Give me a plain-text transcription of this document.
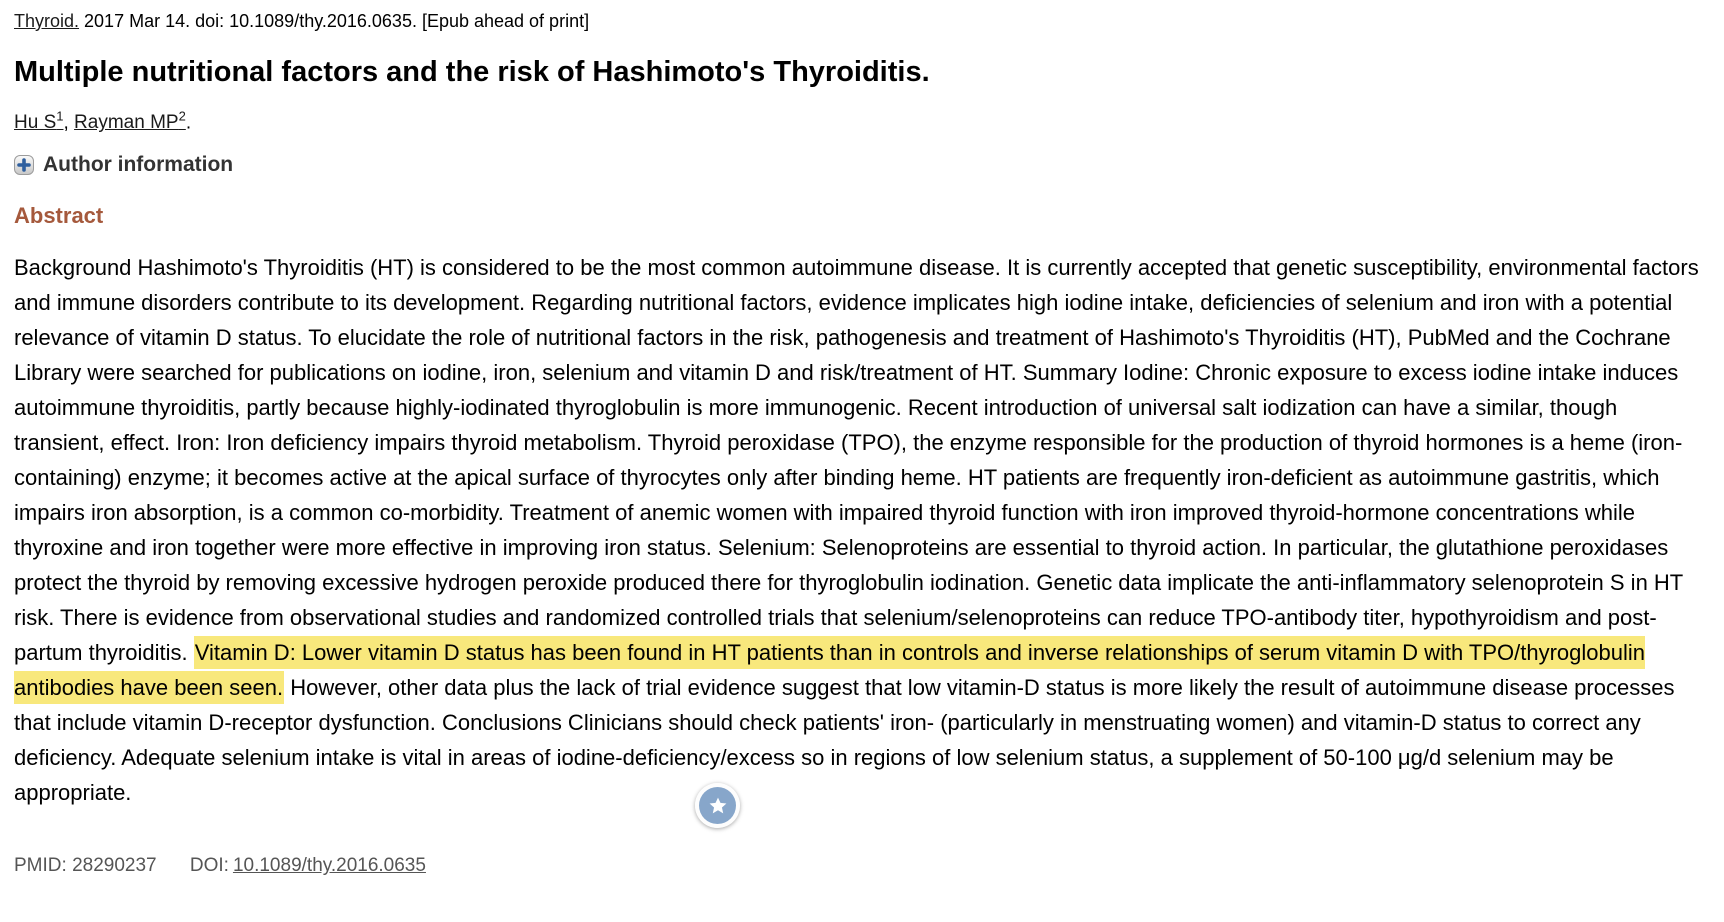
Thyroid. 2017 Mar 14. doi: 10.1089/thy.2016.0635. [Epub ahead of print]
Multiple nutritional factors and the risk of Hashimoto's Thyroiditis.
Hu $S^1$, Rayman $MP^2$.
Author information
Abstract

Background Hashimoto's Thyroiditis (HT) is considered to be the most common autoimmune disease. It is currently accepted that genetic susceptibility, environmental factors and immune disorders contribute to its development. Regarding nutritional factors, evidence implicates high iodine intake, deficiencies of selenium and iron with a potential relevance of vitamin D status. To elucidate the role of nutritional factors in the risk, pathogenesis and treatment of Hashimoto's Thyroiditis (HT), PubMed and the Cochrane Library were searched for publications on iodine, iron, selenium and vitamin D and risk/treatment of HT. Summary Iodine: Chronic exposure to excess iodine intake induces autoimmune thyroiditis, partly because highly-iodinated thyroglobulin is more immunogenic. Recent introduction of universal salt iodization can have a similar, though transient, effect. Iron: Iron deficiency impairs thyroid metabolism. Thyroid peroxidase (TPO), the enzyme responsible for the production of thyroid hormones is a heme (iron-containing) enzyme; it becomes active at the apical surface of thyrocytes only after binding heme. HT patients are frequently iron-deficient as autoimmune gastritis, which impairs iron absorption, is a common co-morbidity. Treatment of anemic women with impaired thyroid function with iron improved thyroid-hormone concentrations while thyroxine and iron together were more effective in improving iron status. Selenium: Selenoproteins are essential to thyroid action. In particular, the glutathione peroxidases protect the thyroid by removing excessive hydrogen peroxide produced there for thyroglobulin iodination. Genetic data implicate the anti-inflammatory selenoprotein S in HT risk. There is evidence from observational studies and randomized controlled trials that selenium/selenoproteins can reduce TPO-antibody titer, hypothyroidism and post-partum thyroiditis. Vitamin D: Lower vitamin D status has been found in HT patients than in controls and inverse relationships of serum vitamin D with TPO/thyroglobulin antibodies have been seen. However, other data plus the lack of trial evidence suggest that low vitamin-D status is more likely the result of autoimmune disease processes that include vitamin D-receptor dysfunction. Conclusions Clinicians should check patients' iron- (particularly in menstruating women) and vitamin-D status to correct any deficiency. Adequate selenium intake is vital in areas of iodine-deficiency/excess so in regions of low selenium status, a supplement of 50-100 μg/d selenium may be appropriate.

PMID: 28290237 DOI: 10.1089/thy.2016.0635
